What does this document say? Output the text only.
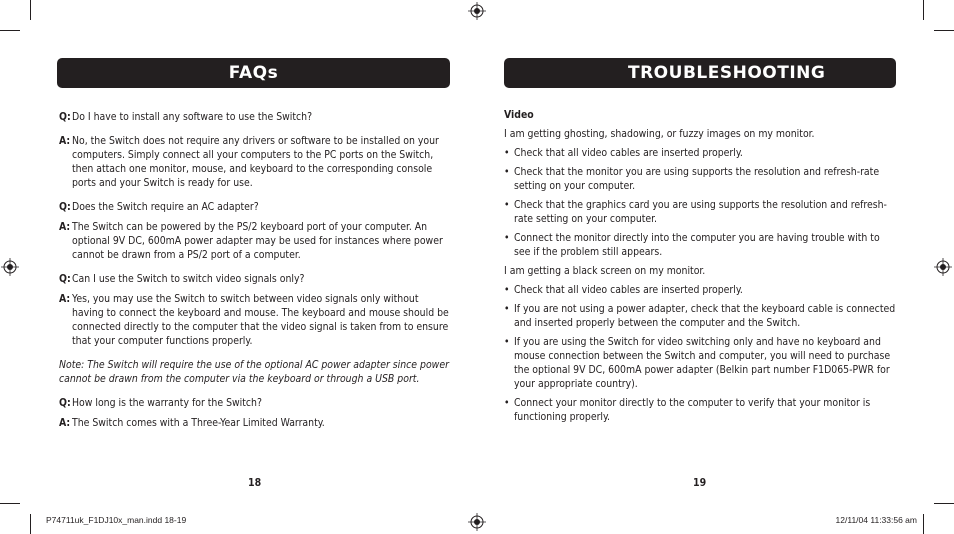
FAQs	TROUBLESHOOTING
Q: Do I have to install any software to use the Switch?
A: No, the Switch does not require any drivers or software to be installed on your computers. Simply connect all your computers to the PC ports on the Switch, then attach one monitor, mouse, and keyboard to the corresponding console ports and your Switch is ready for use.
Q: Does the Switch require an AC adapter?
A: The Switch can be powered by the PS/2 keyboard port of your computer. An optional 9V DC, 600mA power adapter may be used for instances where power cannot be drawn from a PS/2 port of a computer.
Q: Can I use the Switch to switch video signals only?
A: Yes, you may use the Switch to switch between video signals only without having to connect the keyboard and mouse. The keyboard and mouse should be connected directly to the computer that the video signal is taken from to ensure that your computer functions properly.
Note: The Switch will require the use of the optional AC power adapter since power cannot be drawn from the computer via the keyboard or through a USB port.
Q: How long is the warranty for the Switch?
A: The Switch comes with a Three-Year Limited Warranty.
Video
I am getting ghosting, shadowing, or fuzzy images on my monitor.
• Check that all video cables are inserted properly.
• Check that the monitor you are using supports the resolution and refresh-rate setting on your computer.
• Check that the graphics card you are using supports the resolution and refresh-rate setting on your computer.
• Connect the monitor directly into the computer you are having trouble with to see if the problem still appears.
I am getting a black screen on my monitor.
• Check that all video cables are inserted properly.
• If you are not using a power adapter, check that the keyboard cable is connected and inserted properly between the computer and the Switch.
• If you are using the Switch for video switching only and have no keyboard and mouse connection between the Switch and computer, you will need to purchase the optional 9V DC, 600mA power adapter (Belkin part number F1D065-PWR for your appropriate country).
• Connect your monitor directly to the computer to verify that your monitor is functioning properly.
18	19
P74711uk_F1DJ10x_man.indd 18-19	12/11/04 11:33:56 am
